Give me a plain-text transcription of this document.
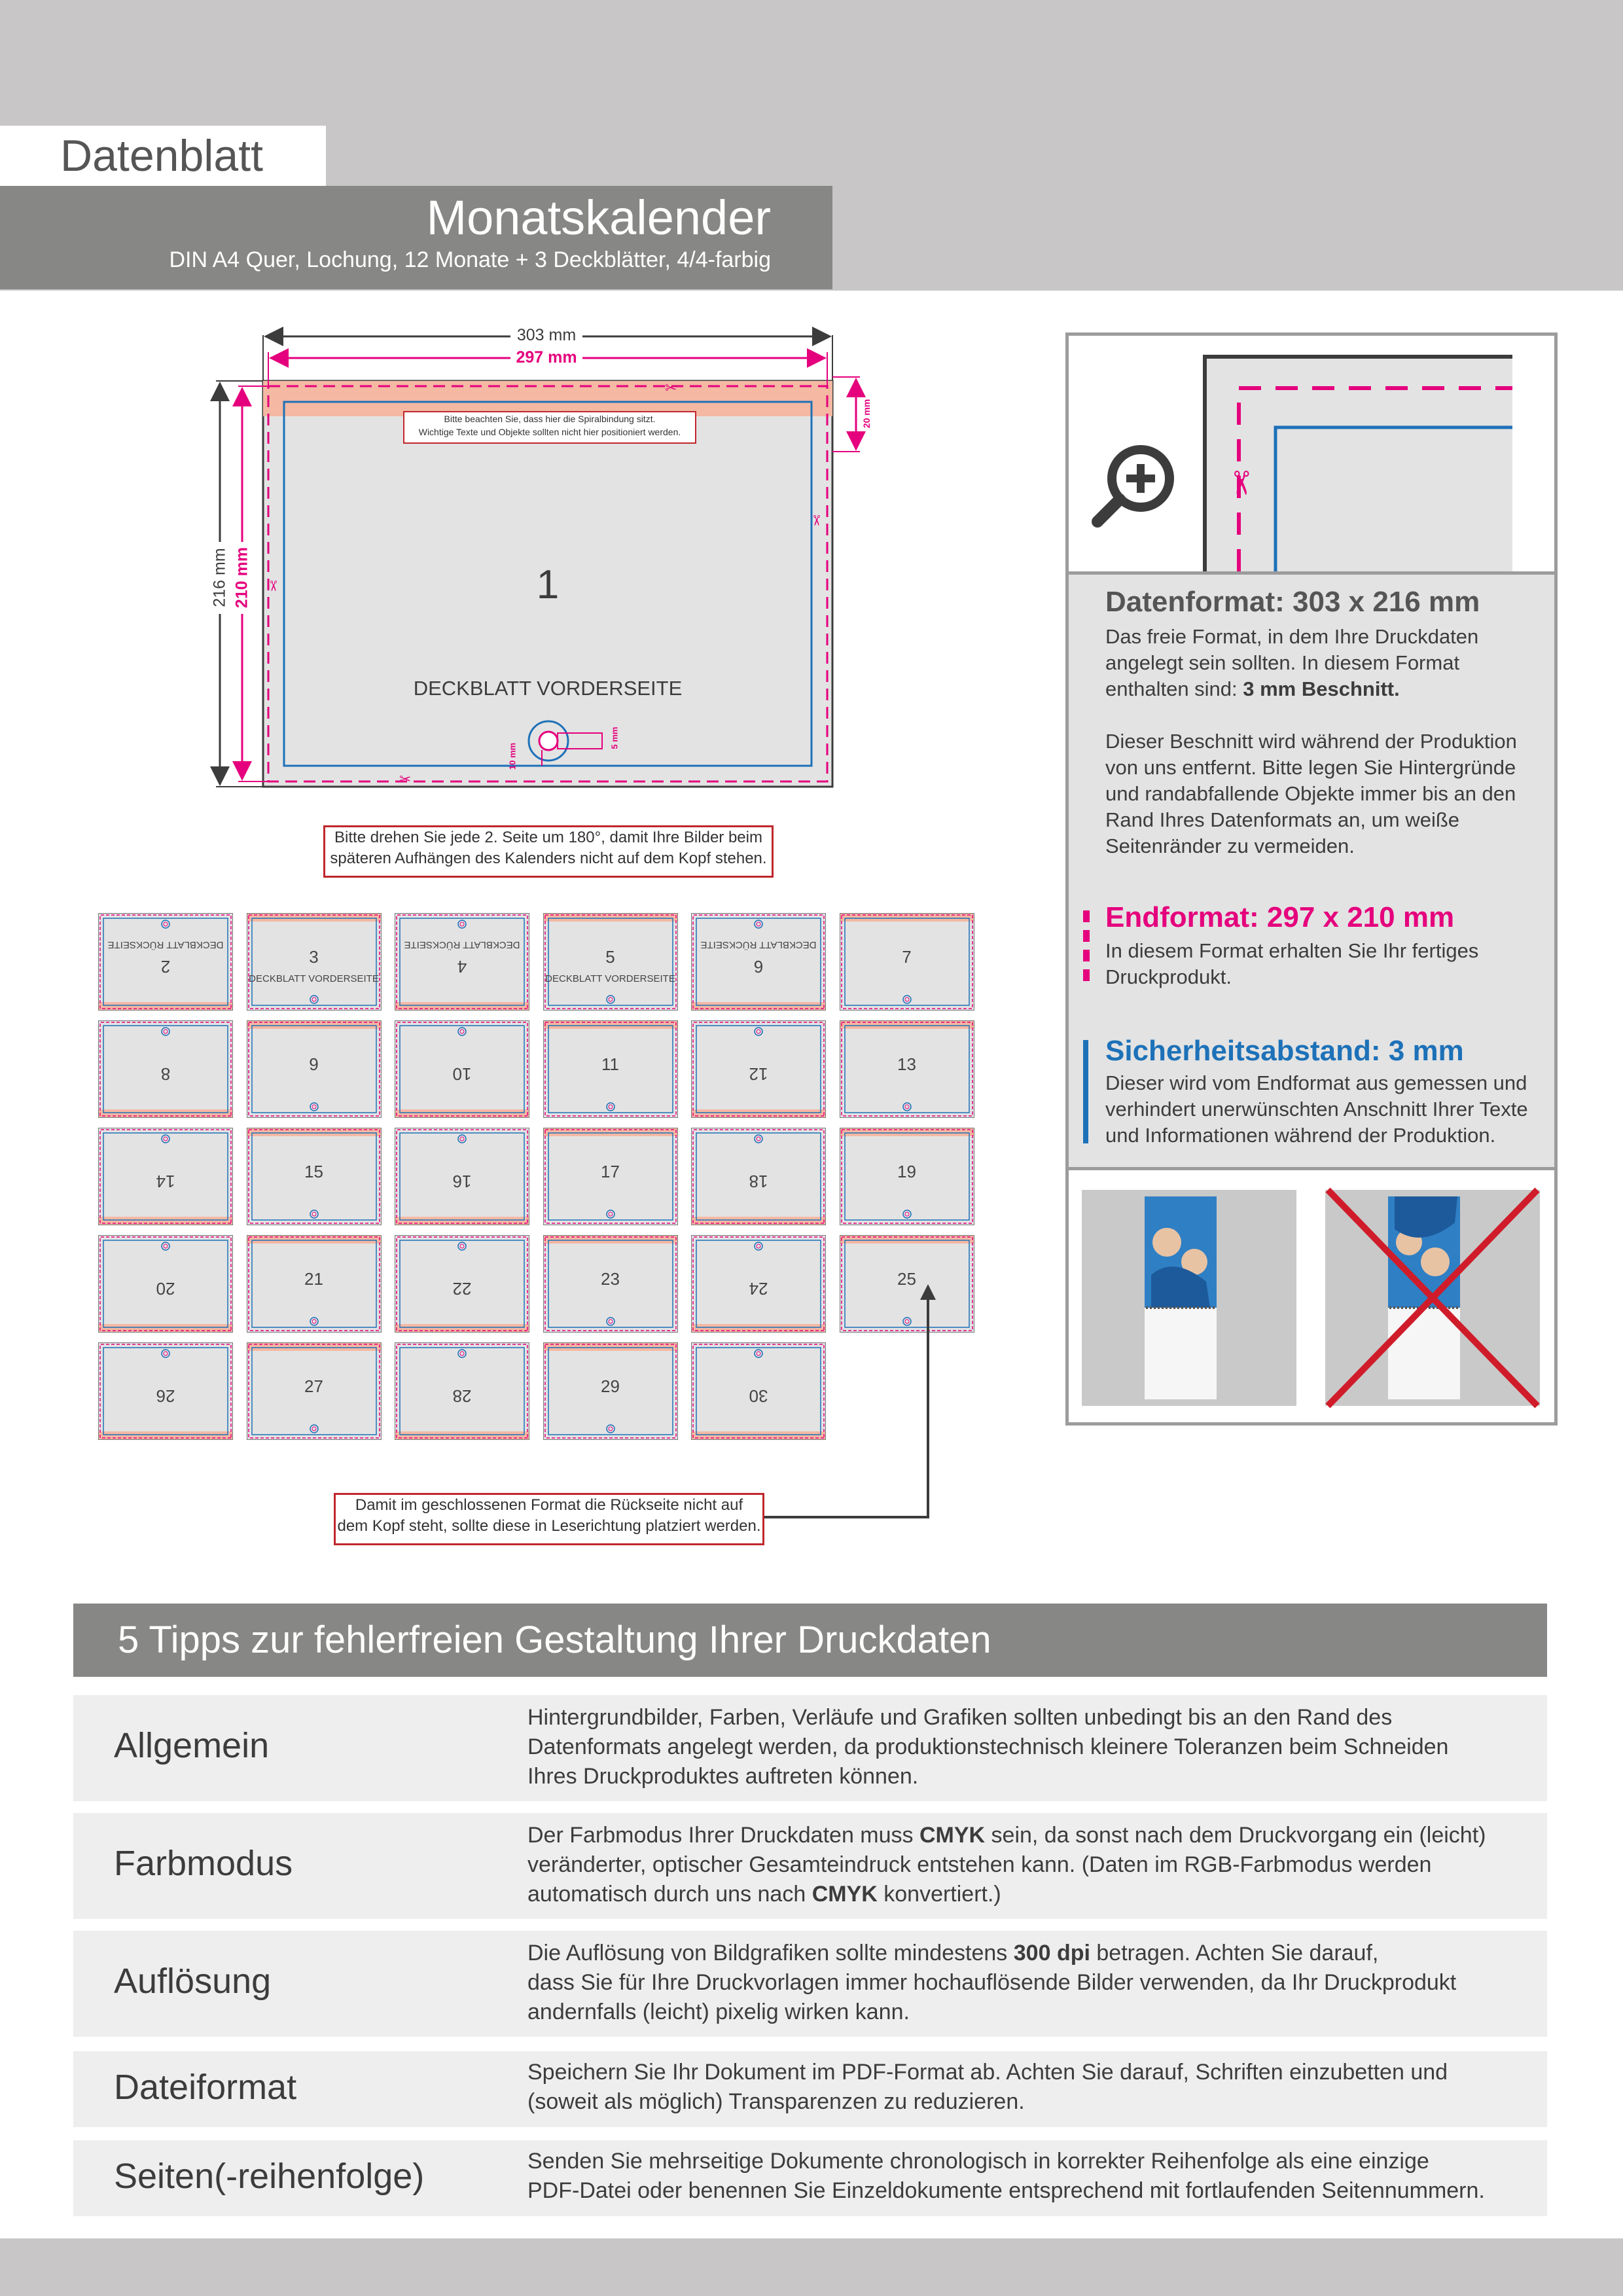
Datenblatt
Monatskalender
DIN A4 Quer, Lochung, 12 Monate + 3 Deckblätter, 4/4-farbig
✂
✂
✂
✂
303 mm
297 mm
216 mm 210 mm
20 mm
10 mm
5 mm
Bitte beachten Sie, dass hier die Spiralbindung sitzt.
Wichtige Texte und Objekte sollten nicht hier positioniert werden.
1
DECKBLATT VORDERSEITE
Bitte drehen Sie jede 2. Seite um 180°, damit Ihre Bilder beim
späteren Aufhängen des Kalenders nicht auf dem Kopf stehen.
2
DECKBLATT RÜCKSEITE
3
DECKBLATT VORDERSEITE
4
DECKBLATT RÜCKSEITE
5
DECKBLATT VORDERSEITE
6
DECKBLATT RÜCKSEITE
7
8	9	10	11	12	13
14	15	16	17	18	19
20	21	22	23	24	25
26	27	28	29	30
Damit im geschlossenen Format die Rückseite nicht auf
dem Kopf steht, sollte diese in Leserichtung platziert werden.
✂
Datenformat: 303 x 216 mm
Das freie Format, in dem Ihre Druckdaten
angelegt sein sollten. In diesem Format
enthalten sind: 3 mm Beschnitt.
Dieser Beschnitt wird während der Produktion
von uns entfernt. Bitte legen Sie Hintergründe
und randabfallende Objekte immer bis an den
Rand Ihres Datenformats an, um weiße
Seitenränder zu vermeiden.
Endformat: 297 x 210 mm
In diesem Format erhalten Sie Ihr fertiges
Druckprodukt.
Sicherheitsabstand: 3 mm
Dieser wird vom Endformat aus gemessen und
verhindert unerwünschten Anschnitt Ihrer Texte
und Informationen während der Produktion.
5 Tipps zur fehlerfreien Gestaltung Ihrer Druckdaten
Allgemein
Hintergrundbilder, Farben, Verläufe und Grafiken sollten unbedingt bis an den Rand des
Datenformats angelegt werden, da produktionstechnisch kleinere Toleranzen beim Schneiden
Ihres Druckproduktes auftreten können.
Farbmodus
Der Farbmodus Ihrer Druckdaten muss CMYK sein, da sonst nach dem Druckvorgang ein (leicht)
veränderter, optischer Gesamteindruck entstehen kann. (Daten im RGB-Farbmodus werden
automatisch durch uns nach CMYK konvertiert.)
Auflösung
Die Auflösung von Bildgrafiken sollte mindestens 300 dpi betragen. Achten Sie darauf,
dass Sie für Ihre Druckvorlagen immer hochauflösende Bilder verwenden, da Ihr Druckprodukt
andernfalls (leicht) pixelig wirken kann.
Dateiformat	Speichern Sie Ihr Dokument im PDF-Format ab. Achten Sie darauf, Schriften einzubetten und
(soweit als möglich) Transparenzen zu reduzieren.
Seiten(-reihenfolge)	Senden Sie mehrseitige Dokumente chronologisch in korrekter Reihenfolge als eine einzige
PDF-Datei oder benennen Sie Einzeldokumente entsprechend mit fortlaufenden Seitennummern.
